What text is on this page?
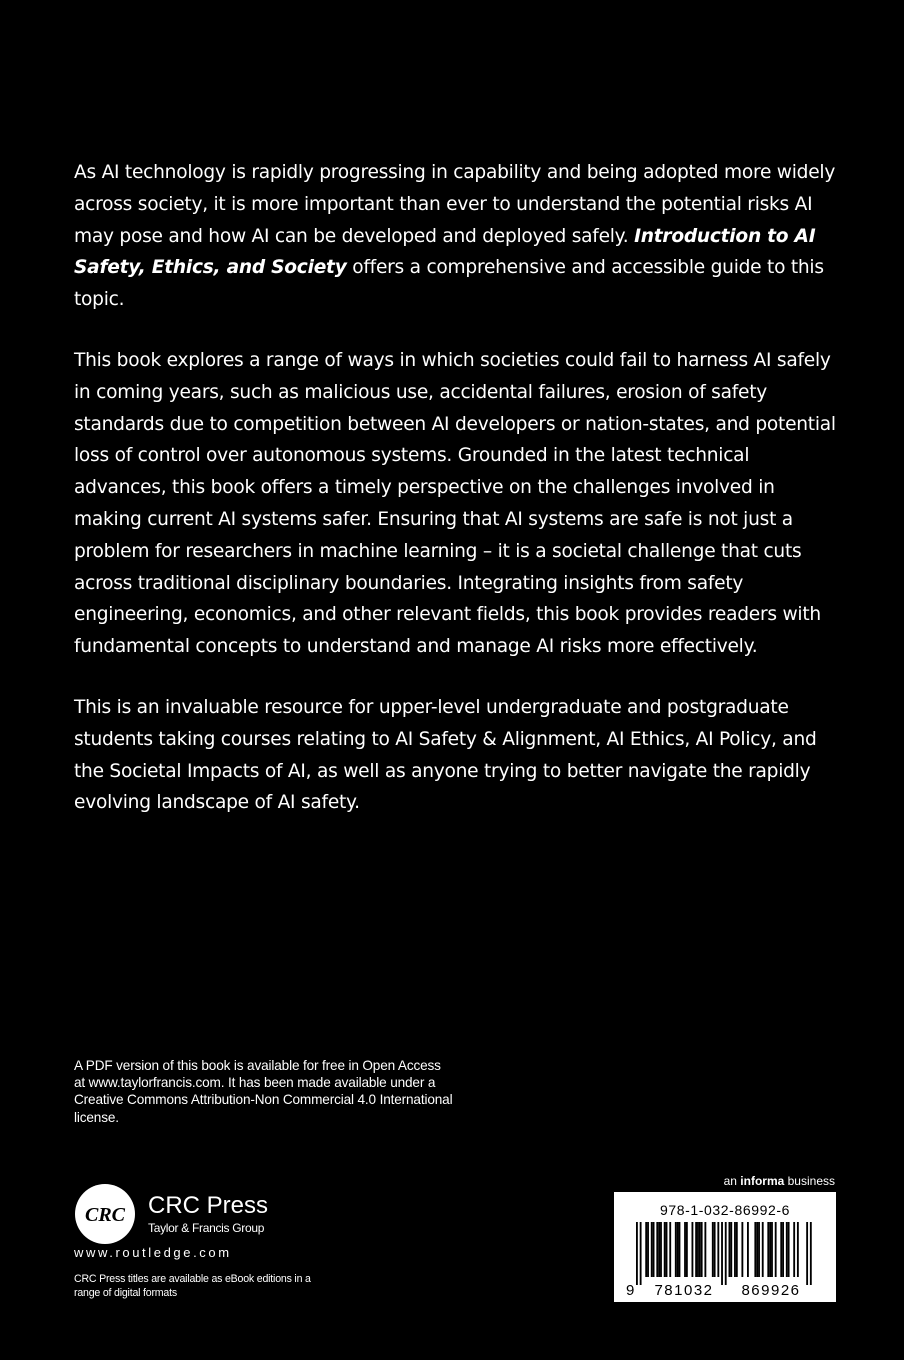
As AI technology is rapidly progressing in capability and being adopted more widely across society, it is more important than ever to understand the potential risks AI may pose and how AI can be developed and deployed safely. Introduction to AI Safety, Ethics, and Society offers a comprehensive and accessible guide to this topic.

This book explores a range of ways in which societies could fail to harness AI safely in coming years, such as malicious use, accidental failures, erosion of safety standards due to competition between AI developers or nation-states, and potential loss of control over autonomous systems. Grounded in the latest technical advances, this book offers a timely perspective on the challenges involved in making current AI systems safer. Ensuring that AI systems are safe is not just a problem for researchers in machine learning – it is a societal challenge that cuts across traditional disciplinary boundaries. Integrating insights from safety engineering, economics, and other relevant fields, this book provides readers with fundamental concepts to understand and manage AI risks more effectively.

This is an invaluable resource for upper-level undergraduate and postgraduate students taking courses relating to AI Safety & Alignment, AI Ethics, AI Policy, and the Societal Impacts of AI, as well as anyone trying to better navigate the rapidly evolving landscape of AI safety.

A PDF version of this book is available for free in Open Access at www.taylorfrancis.com. It has been made available under a Creative Commons Attribution-Non Commercial 4.0 International license.
CRC CRC Press
Taylor & Francis Group
www.routledge.com
CRC Press titles are available as eBook editions in a range of digital formats
an informa business
978-1-032-86992-6
9 781032 869926
